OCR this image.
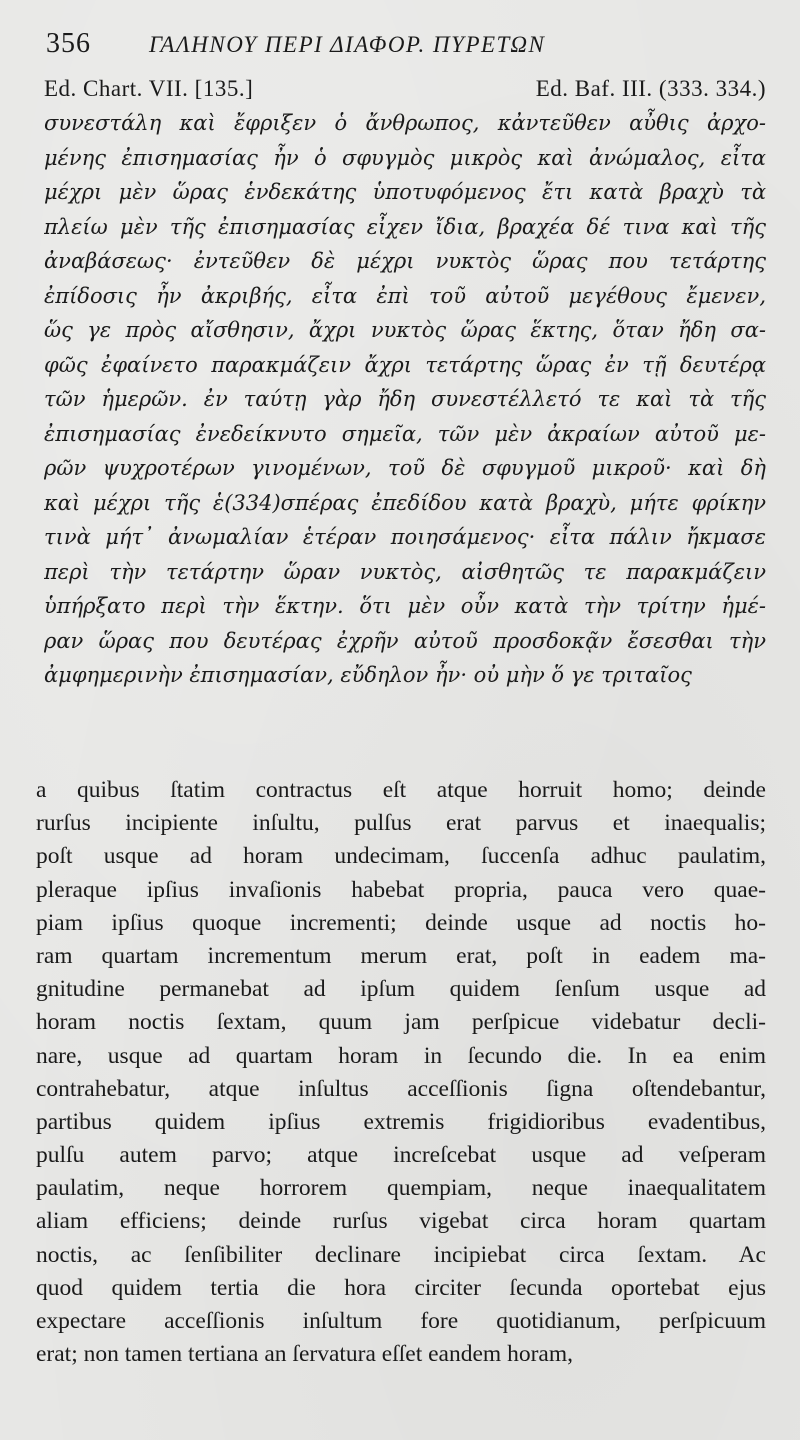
356	ΓΑΛΗΝΟΥ ΠΕΡΙ ΔΙΑΦΟΡ. ΠΥΡΕΤΩΝ
Ed. Chart. VII. [135.]	Ed. Baf. III. (333. 334.)
συνεστάλη καὶ ἔφριξεν ὁ ἄνθρωπος, κἀντεῦθεν αὖθις ἀρχο-
μένης ἐπισημασίας ἦν ὁ σφυγμὸς μικρὸς καὶ ἀνώμαλος, εἶτα
μέχρι μὲν ὥρας ἑνδεκάτης ὑποτυφόμενος ἔτι κατὰ βραχὺ τὰ
πλείω μὲν τῆς ἐπισημασίας εἶχεν ἴδια, βραχέα δέ τινα καὶ τῆς
ἀναβάσεως· ἐντεῦθεν δὲ μέχρι νυκτὸς ὥρας που τετάρτης
ἐπίδοσις ἦν ἀκριβής, εἶτα ἐπὶ τοῦ αὐτοῦ μεγέθους ἔμενεν,
ὥς γε πρὸς αἴσθησιν, ἄχρι νυκτὸς ὥρας ἕκτης, ὅταν ἤδη σα-
φῶς ἐφαίνετο παρακμάζειν ἄχρι τετάρτης ὥρας ἐν τῇ δευτέρᾳ
τῶν ἡμερῶν. ἐν ταύτῃ γὰρ ἤδη συνεστέλλετό τε καὶ τὰ τῆς
ἐπισημασίας ἐνεδείκνυτο σημεῖα, τῶν μὲν ἀκραίων αὐτοῦ με-
ρῶν ψυχροτέρων γινομένων, τοῦ δὲ σφυγμοῦ μικροῦ· καὶ δὴ
καὶ μέχρι τῆς ἑ(334)σπέρας ἐπεδίδου κατὰ βραχὺ, μήτε φρίκην
τινὰ μήτ᾽ ἀνωμαλίαν ἑτέραν ποιησάμενος· εἶτα πάλιν ἤκμασε
περὶ τὴν τετάρτην ὥραν νυκτὸς, αἰσθητῶς τε παρακμάζειν
ὑπήρξατο περὶ τὴν ἕκτην. ὅτι μὲν οὖν κατὰ τὴν τρίτην ἡμέ-
ραν ὥρας που δευτέρας ἐχρῆν αὐτοῦ προσδοκᾷν ἔσεσθαι τὴν
ἀμφημερινὴν ἐπισημασίαν, εὔδηλον ἦν· οὐ μὴν ὅ γε τριταῖος
a quibus ſtatim contractus eſt atque horruit homo; deinde
rurſus incipiente inſultu, pulſus erat parvus et inaequalis;
poſt usque ad horam undecimam, ſuccenſa adhuc paulatim,
pleraque ipſius invaſionis habebat propria, pauca vero quae-
piam ipſius quoque incrementi; deinde usque ad noctis ho-
ram quartam incrementum merum erat, poſt in eadem ma-
gnitudine permanebat ad ipſum quidem ſenſum usque ad
horam noctis ſextam, quum jam perſpicue videbatur decli-
nare, usque ad quartam horam in ſecundo die. In ea enim
contrahebatur, atque inſultus acceſſionis ſigna oſtendebantur,
partibus quidem ipſius extremis frigidioribus evadentibus,
pulſu autem parvo; atque increſcebat usque ad veſperam
paulatim, neque horrorem quempiam, neque inaequalitatem
aliam efficiens; deinde rurſus vigebat circa horam quartam
noctis, ac ſenſibiliter declinare incipiebat circa ſextam. Ac
quod quidem tertia die hora circiter ſecunda oportebat ejus
expectare acceſſionis inſultum fore quotidianum, perſpicuum
erat; non tamen tertiana an ſervatura eſſet eandem horam,
